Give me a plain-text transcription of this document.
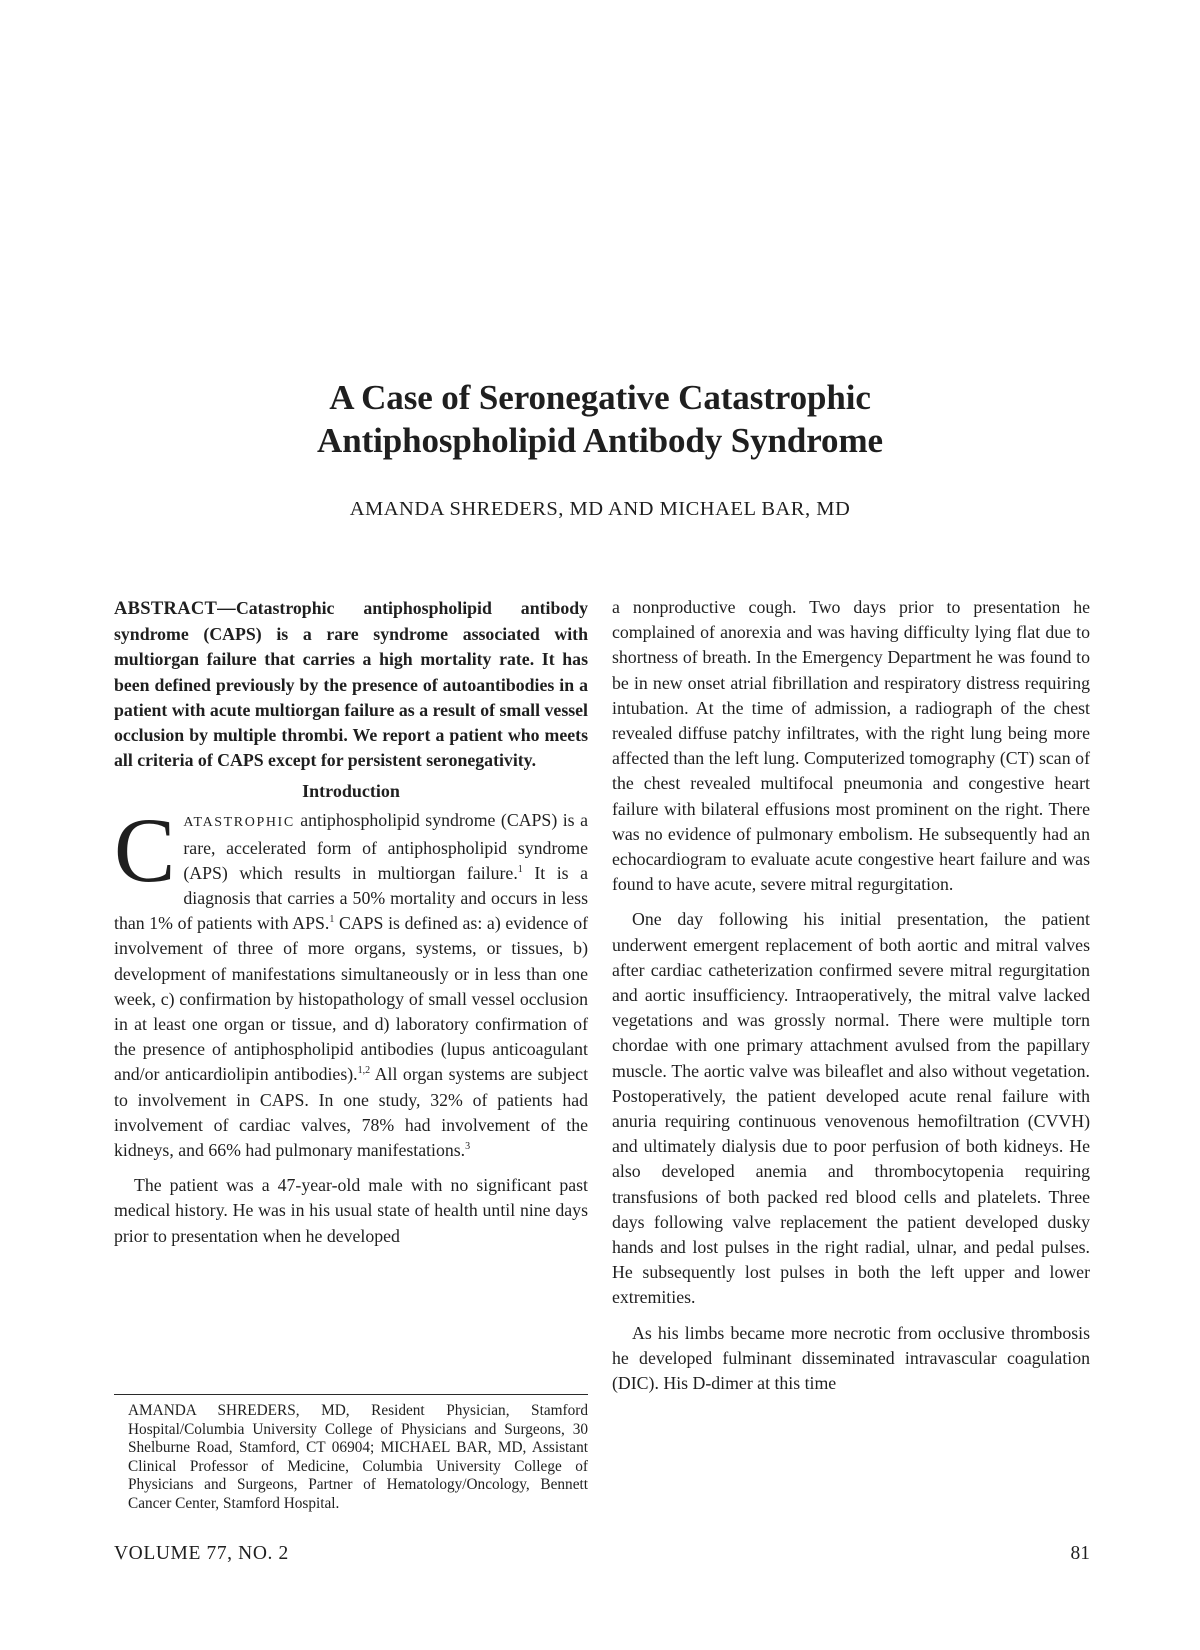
A Case of Seronegative Catastrophic
Antiphospholipid Antibody Syndrome
AMANDA SHREDERS, MD AND MICHAEL BAR, MD

ABSTRACT—Catastrophic antiphospholipid antibody syndrome (CAPS) is a rare syndrome associated with multiorgan failure that carries a high mortality rate. It has been defined previously by the presence of autoantibodies in a patient with acute multiorgan failure as a result of small vessel occlusion by multiple thrombi. We report a patient who meets all criteria of CAPS except for persistent seronegativity.

Introduction

CATASTROPHIC antiphospholipid syndrome (CAPS) is a rare, accelerated form of antiphospholipid syndrome (APS) which results in multiorgan failure.$^1$ It is a diagnosis that carries a 50% mortality and occurs in less than 1% of patients with APS.$^1$ CAPS is defined as: a) evidence of involvement of three of more organs, systems, or tissues, b) development of manifestations simultaneously or in less than one week, c) confirmation by histopathology of small vessel occlusion in at least one organ or tissue, and d) laboratory confirmation of the presence of antiphospholipid antibodies (lupus anticoagulant and/or anticardiolipin antibodies).$^{1,2}$ All organ systems are subject to involvement in CAPS. In one study, 32% of patients had involvement of cardiac valves, 78% had involvement of the kidneys, and 66% had pulmonary manifestations.$^3$

The patient was a 47-year-old male with no significant past medical history. He was in his usual state of health until nine days prior to presentation when he developed

a nonproductive cough. Two days prior to presentation he complained of anorexia and was having difficulty lying flat due to shortness of breath. In the Emergency Department he was found to be in new onset atrial fibrillation and respiratory distress requiring intubation. At the time of admission, a radiograph of the chest revealed diffuse patchy infiltrates, with the right lung being more affected than the left lung. Computerized tomography (CT) scan of the chest revealed multifocal pneumonia and congestive heart failure with bilateral effusions most prominent on the right. There was no evidence of pulmonary embolism. He subsequently had an echocardiogram to evaluate acute congestive heart failure and was found to have acute, severe mitral regurgitation.

One day following his initial presentation, the patient underwent emergent replacement of both aortic and mitral valves after cardiac catheterization confirmed severe mitral regurgitation and aortic insufficiency. Intraoperatively, the mitral valve lacked vegetations and was grossly normal. There were multiple torn chordae with one primary attachment avulsed from the papillary muscle. The aortic valve was bileaflet and also without vegetation. Postoperatively, the patient developed acute renal failure with anuria requiring continuous venovenous hemofiltration (CVVH) and ultimately dialysis due to poor perfusion of both kidneys. He also developed anemia and thrombocytopenia requiring transfusions of both packed red blood cells and platelets. Three days following valve replacement the patient developed dusky hands and lost pulses in the right radial, ulnar, and pedal pulses. He subsequently lost pulses in both the left upper and lower extremities.

As his limbs became more necrotic from occlusive thrombosis he developed fulminant disseminated intravascular coagulation (DIC). His D-dimer at this time

AMANDA SHREDERS, MD, Resident Physician, Stamford Hospital/Columbia University College of Physicians and Surgeons, 30 Shelburne Road, Stamford, CT 06904; MICHAEL BAR, MD, Assistant Clinical Professor of Medicine, Columbia University College of Physicians and Surgeons, Partner of Hematology/Oncology, Bennett Cancer Center, Stamford Hospital.
VOLUME 77, NO. 2	81
